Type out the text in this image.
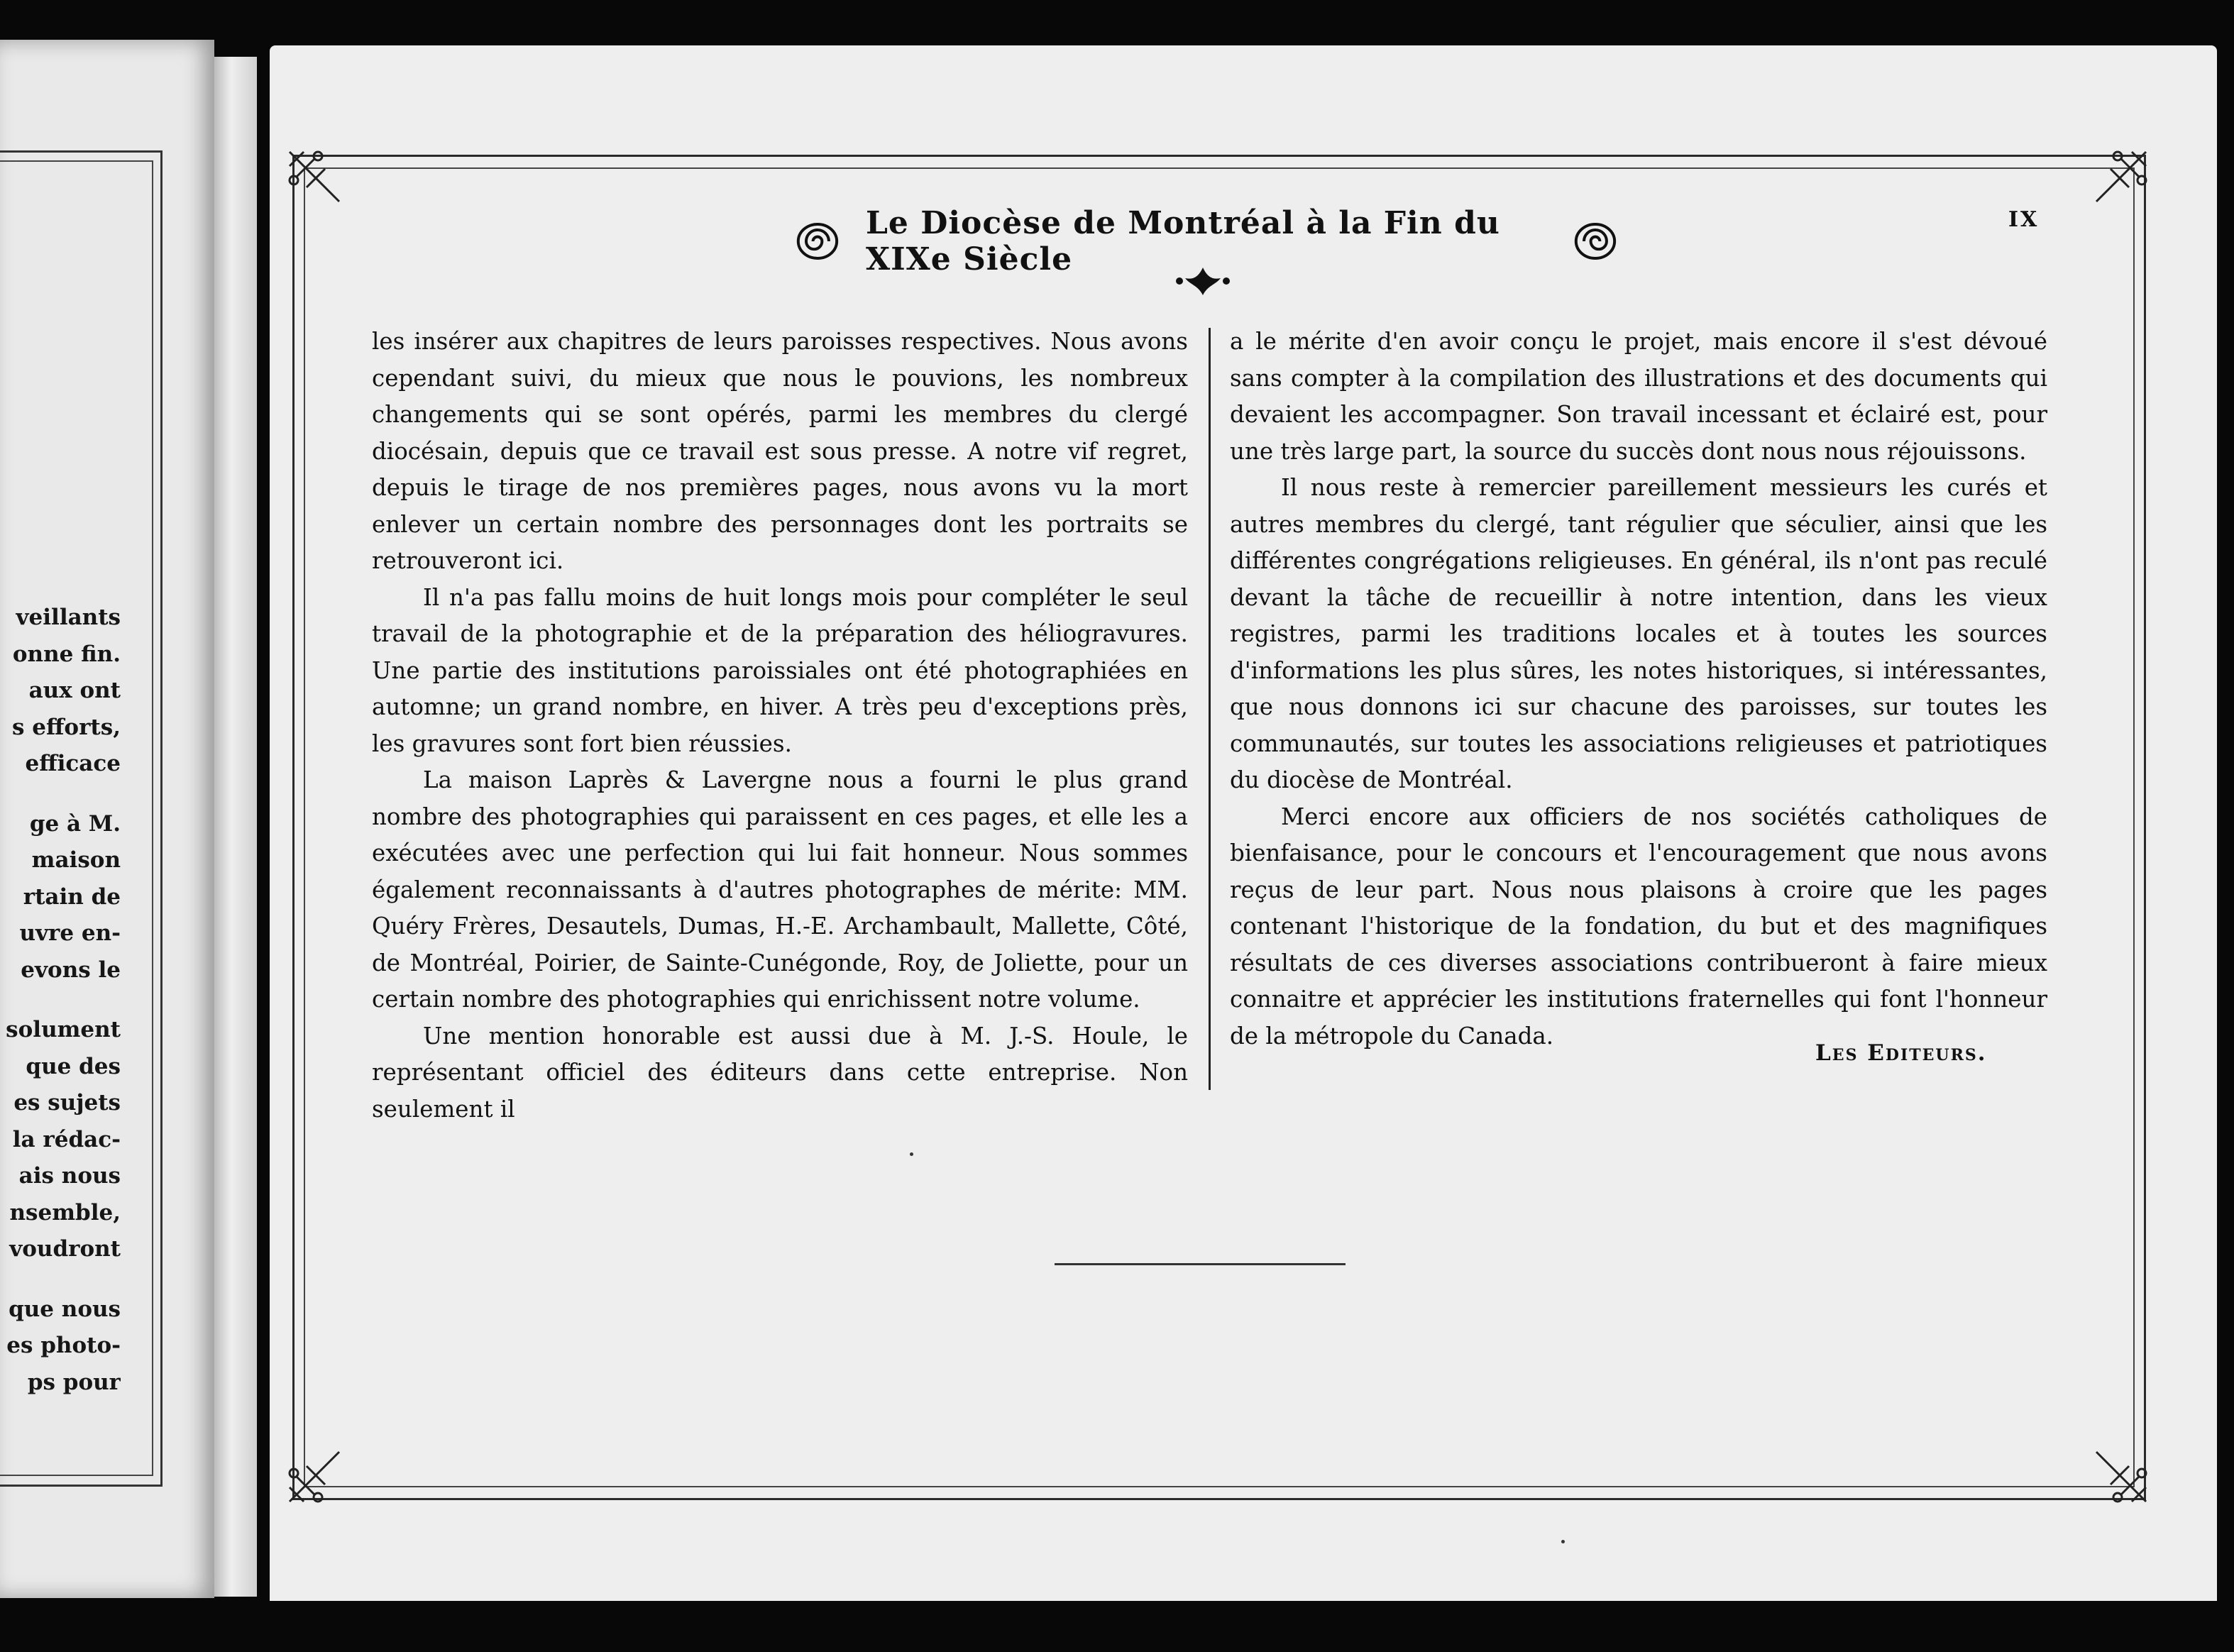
veillants
onne fin.
aux ont
s efforts,
efficace
ge à M.
maison
rtain de
uvre en-
evons le
solument
que des
es sujets
la rédac-
ais nous
nsemble,
voudront
que nous
es photo-
ps pour
Le Diocèse de Montréal à la Fin du XIXe Siècle
IX

les insérer aux chapitres de leurs paroisses respectives. Nous avons cependant suivi, du mieux que nous le pouvions, les nombreux changements qui se sont opérés, parmi les membres du clergé diocésain, depuis que ce travail est sous presse. A notre vif regret, depuis le tirage de nos premières pages, nous avons vu la mort enlever un certain nombre des personnages dont les portraits se retrouveront ici.

Il n'a pas fallu moins de huit longs mois pour compléter le seul travail de la photographie et de la préparation des héliogravures. Une partie des institutions paroissiales ont été photographiées en automne; un grand nombre, en hiver. A très peu d'exceptions près, les gravures sont fort bien réussies.

La maison Laprès & Lavergne nous a fourni le plus grand nombre des photographies qui paraissent en ces pages, et elle les a exécutées avec une perfection qui lui fait honneur. Nous sommes également reconnaissants à d'autres photographes de mérite: MM. Quéry Frères, Desautels, Dumas, H.-E. Archambault, Mallette, Côté, de Montréal, Poirier, de Sainte-Cunégonde, Roy, de Joliette, pour un certain nombre des photographies qui enrichissent notre volume.

Une mention honorable est aussi due à M. J.-S. Houle, le représentant officiel des éditeurs dans cette entreprise. Non seulement il

a le mérite d'en avoir conçu le projet, mais encore il s'est dévoué sans compter à la compilation des illustrations et des documents qui devaient les accompagner. Son travail incessant et éclairé est, pour une très large part, la source du succès dont nous nous réjouissons.

Il nous reste à remercier pareillement messieurs les curés et autres membres du clergé, tant régulier que séculier, ainsi que les différentes congrégations religieuses. En général, ils n'ont pas reculé devant la tâche de recueillir à notre intention, dans les vieux registres, parmi les traditions locales et à toutes les sources d'informations les plus sûres, les notes historiques, si intéressantes, que nous donnons ici sur chacune des paroisses, sur toutes les communautés, sur toutes les associations religieuses et patriotiques du diocèse de Montréal.

Merci encore aux officiers de nos sociétés catholiques de bienfaisance, pour le concours et l'encouragement que nous avons reçus de leur part. Nous nous plaisons à croire que les pages contenant l'historique de la fondation, du but et des magnifiques résultats de ces diverses associations contribueront à faire mieux connaitre et apprécier les institutions fraternelles qui font l'honneur de la métropole du Canada.

Les Editeurs.
